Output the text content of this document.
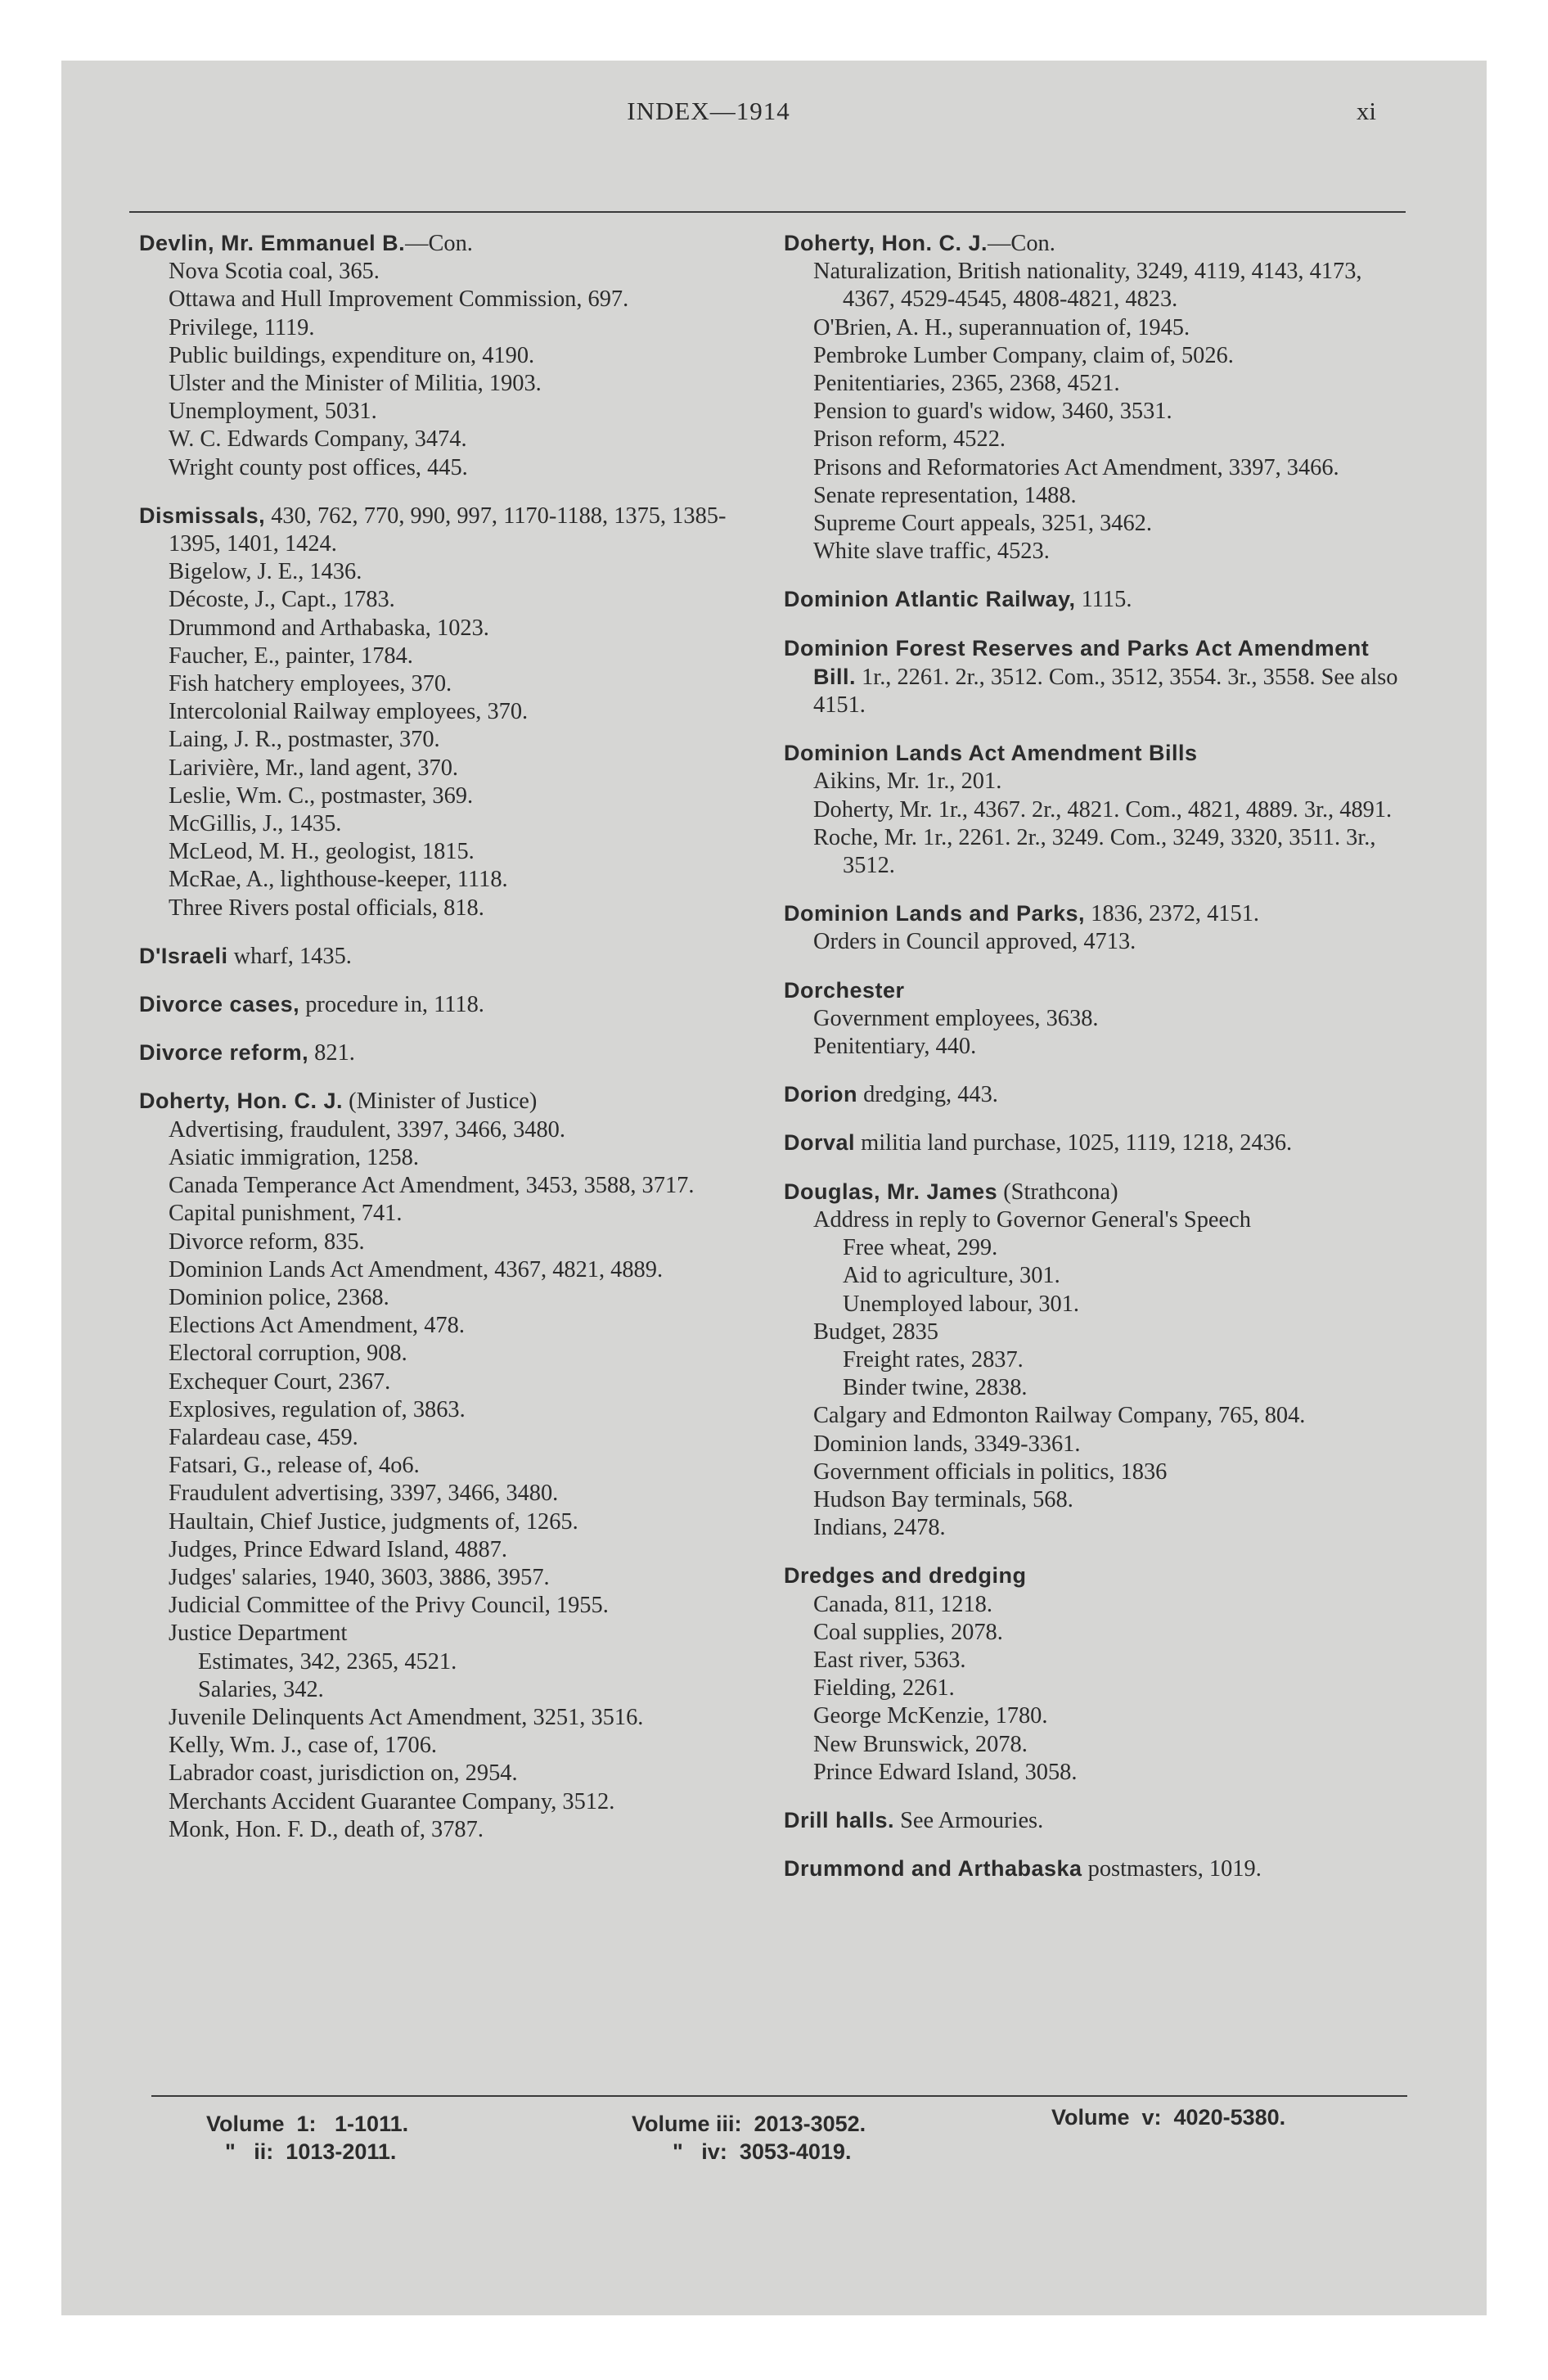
INDEX—1914	xi
Devlin, Mr. Emmanuel B.—Con.
Nova Scotia coal, 365.
Ottawa and Hull Improvement Commission, 697.
Privilege, 1119.
Public buildings, expenditure on, 4190.
Ulster and the Minister of Militia, 1903.
Unemployment, 5031.
W. C. Edwards Company, 3474.
Wright county post offices, 445.
Dismissals, 430, 762, 770, 990, 997, 1170-1188, 1375, 1385-1395, 1401, 1424.
Bigelow, J. E., 1436.
Décoste, J., Capt., 1783.
Drummond and Arthabaska, 1023.
Faucher, E., painter, 1784.
Fish hatchery employees, 370.
Intercolonial Railway employees, 370.
Laing, J. R., postmaster, 370.
Larivière, Mr., land agent, 370.
Leslie, Wm. C., postmaster, 369.
McGillis, J., 1435.
McLeod, M. H., geologist, 1815.
McRae, A., lighthouse-keeper, 1118.
Three Rivers postal officials, 818.
D'Israeli wharf, 1435.
Divorce cases, procedure in, 1118.
Divorce reform, 821.
Doherty, Hon. C. J. (Minister of Justice)
Advertising, fraudulent, 3397, 3466, 3480.
Asiatic immigration, 1258.
Canada Temperance Act Amendment, 3453, 3588, 3717.
Capital punishment, 741.
Divorce reform, 835.
Dominion Lands Act Amendment, 4367, 4821, 4889.
Dominion police, 2368.
Elections Act Amendment, 478.
Electoral corruption, 908.
Exchequer Court, 2367.
Explosives, regulation of, 3863.
Falardeau case, 459.
Fatsari, G., release of, 4o6.
Fraudulent advertising, 3397, 3466, 3480.
Haultain, Chief Justice, judgments of, 1265.
Judges, Prince Edward Island, 4887.
Judges' salaries, 1940, 3603, 3886, 3957.
Judicial Committee of the Privy Council, 1955.
Justice Department
Estimates, 342, 2365, 4521.
Salaries, 342.
Juvenile Delinquents Act Amendment, 3251, 3516.
Kelly, Wm. J., case of, 1706.
Labrador coast, jurisdiction on, 2954.
Merchants Accident Guarantee Company, 3512.
Monk, Hon. F. D., death of, 3787.
Doherty, Hon. C. J.—Con.
Naturalization, British nationality, 3249, 4119, 4143, 4173, 4367, 4529-4545, 4808-4821, 4823.
O'Brien, A. H., superannuation of, 1945.
Pembroke Lumber Company, claim of, 5026.
Penitentiaries, 2365, 2368, 4521.
Pension to guard's widow, 3460, 3531.
Prison reform, 4522.
Prisons and Reformatories Act Amendment, 3397, 3466.
Senate representation, 1488.
Supreme Court appeals, 3251, 3462.
White slave traffic, 4523.
Dominion Atlantic Railway, 1115.
Dominion Forest Reserves and Parks Act Amendment Bill. 1r., 2261. 2r., 3512. Com., 3512, 3554. 3r., 3558. See also 4151.
Dominion Lands Act Amendment Bills
Aikins, Mr. 1r., 201.
Doherty, Mr. 1r., 4367. 2r., 4821. Com., 4821, 4889. 3r., 4891.
Roche, Mr. 1r., 2261. 2r., 3249. Com., 3249, 3320, 3511. 3r., 3512.
Dominion Lands and Parks, 1836, 2372, 4151.
Orders in Council approved, 4713.
Dorchester
Government employees, 3638.
Penitentiary, 440.
Dorion dredging, 443.
Dorval militia land purchase, 1025, 1119, 1218, 2436.
Douglas, Mr. James (Strathcona)
Address in reply to Governor General's Speech
Free wheat, 299.
Aid to agriculture, 301.
Unemployed labour, 301.
Budget, 2835
Freight rates, 2837.
Binder twine, 2838.
Calgary and Edmonton Railway Company, 765, 804.
Dominion lands, 3349-3361.
Government officials in politics, 1836
Hudson Bay terminals, 568.
Indians, 2478.
Dredges and dredging
Canada, 811, 1218.
Coal supplies, 2078.
East river, 5363.
Fielding, 2261.
George McKenzie, 1780.
New Brunswick, 2078.
Prince Edward Island, 3058.
Drill halls. See Armouries.
Drummond and Arthabaska postmasters, 1019.
Volume  1:   1-1011.
"   ii:  1013-2011.
Volume iii:  2013-3052.
"   iv:  3053-4019.
Volume  v:  4020-5380.
